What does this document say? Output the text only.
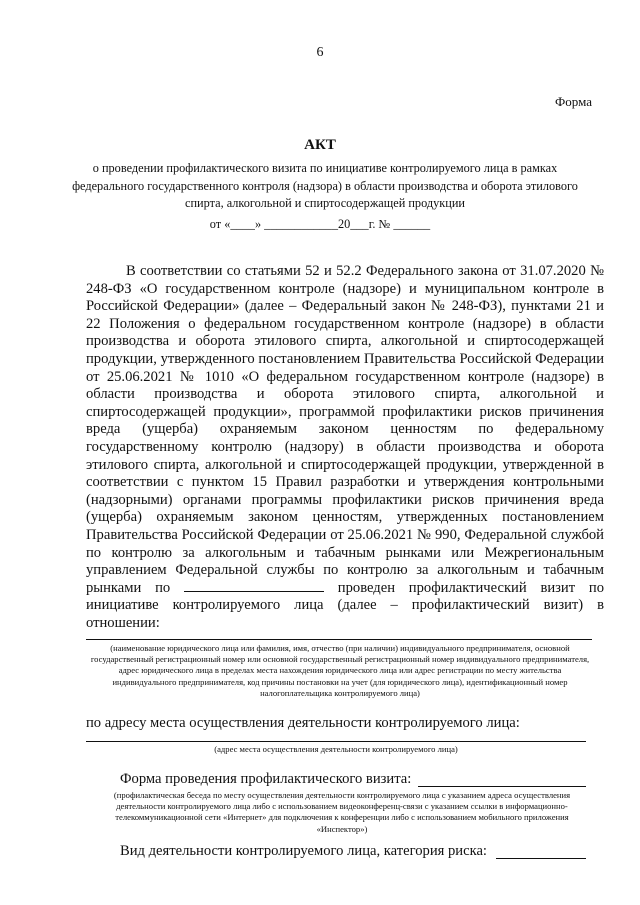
6
Форма
АКТ
о проведении профилактического визита по инициативе контролируемого лица в рамках федерального государственного контроля (надзора) в области производства и оборота этилового спирта, алкогольной и спиртосодержащей продукции
от «____» ____________20___г. № ______
В соответствии со статьями 52 и 52.2 Федерального закона от 31.07.2020 № 248-ФЗ «О государственном контроле (надзоре) и муниципальном контроле в Российской Федерации» (далее – Федеральный закон № 248-ФЗ), пунктами 21 и 22 Положения о федеральном государственном контроле (надзоре) в области производства и оборота этилового спирта, алкогольной и спиртосодержащей продукции, утвержденного постановлением Правительства Российской Федерации от 25.06.2021 № 1010 «О федеральном государственном контроле (надзоре) в области производства и оборота этилового спирта, алкогольной и спиртосодержащей продукции», программой профилактики рисков причинения вреда (ущерба) охраняемым законом ценностям по федеральному государственному контролю (надзору) в области производства и оборота этилового спирта, алкогольной и спиртосодержащей продукции, утвержденной в соответствии с пунктом 15 Правил разработки и утверждения контрольными (надзорными) органами программы профилактики рисков причинения вреда (ущерба) охраняемым законом ценностям, утвержденных постановлением Правительства Российской Федерации от 25.06.2021 № 990, Федеральной службой по контролю за алкогольным и табачным рынками или Межрегиональным управлением Федеральной службы по контролю за алкогольным и табачным рынками по	проведен профилактический визит по инициативе контролируемого лица (далее – профилактический визит) в отношении:
(наименование юридического лица или фамилия, имя, отчество (при наличии) индивидуального предпринимателя, основной государственный регистрационный номер или основной государственный регистрационный номер индивидуального предпринимателя, адрес юридического лица в пределах места нахождения юридического лица или адрес регистрации по месту жительства индивидуального предпринимателя, код причины постановки на учет (для юридического лица), идентификационный номер налогоплательщика контролируемого лица)
по адресу места осуществления деятельности контролируемого лица:
(адрес места осуществления деятельности контролируемого лица)
Форма проведения профилактического визита:
(профилактическая беседа по месту осуществления деятельности контролируемого лица с указанием адреса осуществления деятельности контролируемого лица либо с использованием видеоконференц-связи с указанием ссылки в информационно-телекоммуникационной сети «Интернет» для подключения к конференции либо с использованием мобильного приложения «Инспектор»)
Вид деятельности контролируемого лица, категория риска:
